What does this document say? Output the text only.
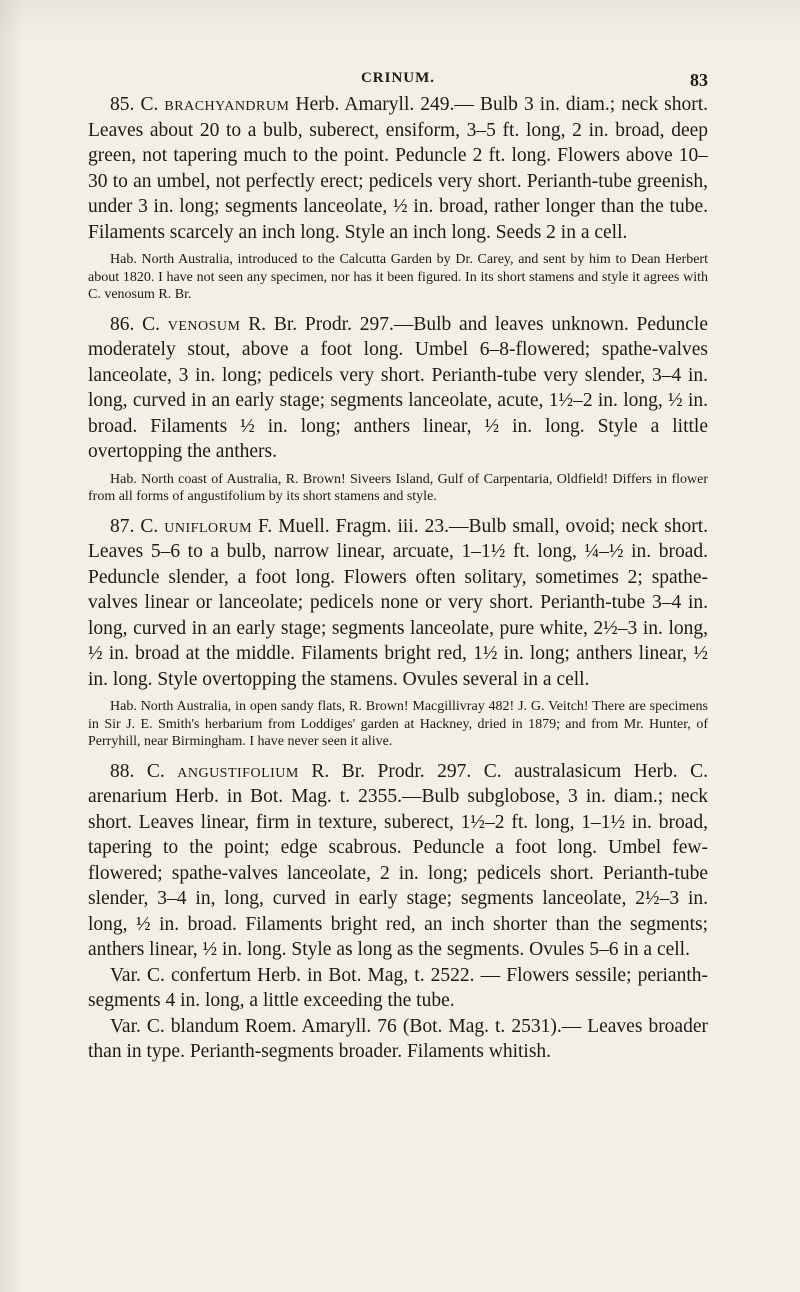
CRINUM.	83

85. C. brachyandrum Herb. Amaryll. 249.— Bulb 3 in. diam.; neck short. Leaves about 20 to a bulb, suberect, ensiform, 3–5 ft. long, 2 in. broad, deep green, not tapering much to the point. Peduncle 2 ft. long. Flowers above 10–30 to an umbel, not perfectly erect; pedicels very short. Perianth-tube greenish, under 3 in. long; segments lanceolate, ½ in. broad, rather longer than the tube. Filaments scarcely an inch long. Style an inch long. Seeds 2 in a cell.

Hab. North Australia, introduced to the Calcutta Garden by Dr. Carey, and sent by him to Dean Herbert about 1820. I have not seen any specimen, nor has it been figured. In its short stamens and style it agrees with C. venosum R. Br.

86. C. venosum R. Br. Prodr. 297.—Bulb and leaves unknown. Peduncle moderately stout, above a foot long. Umbel 6–8-flowered; spathe-valves lanceolate, 3 in. long; pedicels very short. Perianth-tube very slender, 3–4 in. long, curved in an early stage; segments lanceolate, acute, 1½–2 in. long, ½ in. broad. Filaments ½ in. long; anthers linear, ½ in. long. Style a little overtopping the anthers.

Hab. North coast of Australia, R. Brown! Siveers Island, Gulf of Carpentaria, Oldfield! Differs in flower from all forms of angustifolium by its short stamens and style.

87. C. uniflorum F. Muell. Fragm. iii. 23.—Bulb small, ovoid; neck short. Leaves 5–6 to a bulb, narrow linear, arcuate, 1–1½ ft. long, ¼–½ in. broad. Peduncle slender, a foot long. Flowers often solitary, sometimes 2; spathe-valves linear or lanceolate; pedicels none or very short. Perianth-tube 3–4 in. long, curved in an early stage; segments lanceolate, pure white, 2½–3 in. long, ½ in. broad at the middle. Filaments bright red, 1½ in. long; anthers linear, ½ in. long. Style overtopping the stamens. Ovules several in a cell.

Hab. North Australia, in open sandy flats, R. Brown! Macgillivray 482! J. G. Veitch! There are specimens in Sir J. E. Smith's herbarium from Loddiges' garden at Hackney, dried in 1879; and from Mr. Hunter, of Perryhill, near Birmingham. I have never seen it alive.

88. C. angustifolium R. Br. Prodr. 297. C. australasicum Herb. C. arenarium Herb. in Bot. Mag. t. 2355.—Bulb subglobose, 3 in. diam.; neck short. Leaves linear, firm in texture, suberect, 1½–2 ft. long, 1–1½ in. broad, tapering to the point; edge scabrous. Peduncle a foot long. Umbel few-flowered; spathe-valves lanceolate, 2 in. long; pedicels short. Perianth-tube slender, 3–4 in, long, curved in early stage; segments lanceolate, 2½–3 in. long, ½ in. broad. Filaments bright red, an inch shorter than the segments; anthers linear, ½ in. long. Style as long as the segments. Ovules 5–6 in a cell.

Var. C. confertum Herb. in Bot. Mag, t. 2522. — Flowers sessile; perianth-segments 4 in. long, a little exceeding the tube.

Var. C. blandum Roem. Amaryll. 76 (Bot. Mag. t. 2531).— Leaves broader than in type. Perianth-segments broader. Filaments whitish.
